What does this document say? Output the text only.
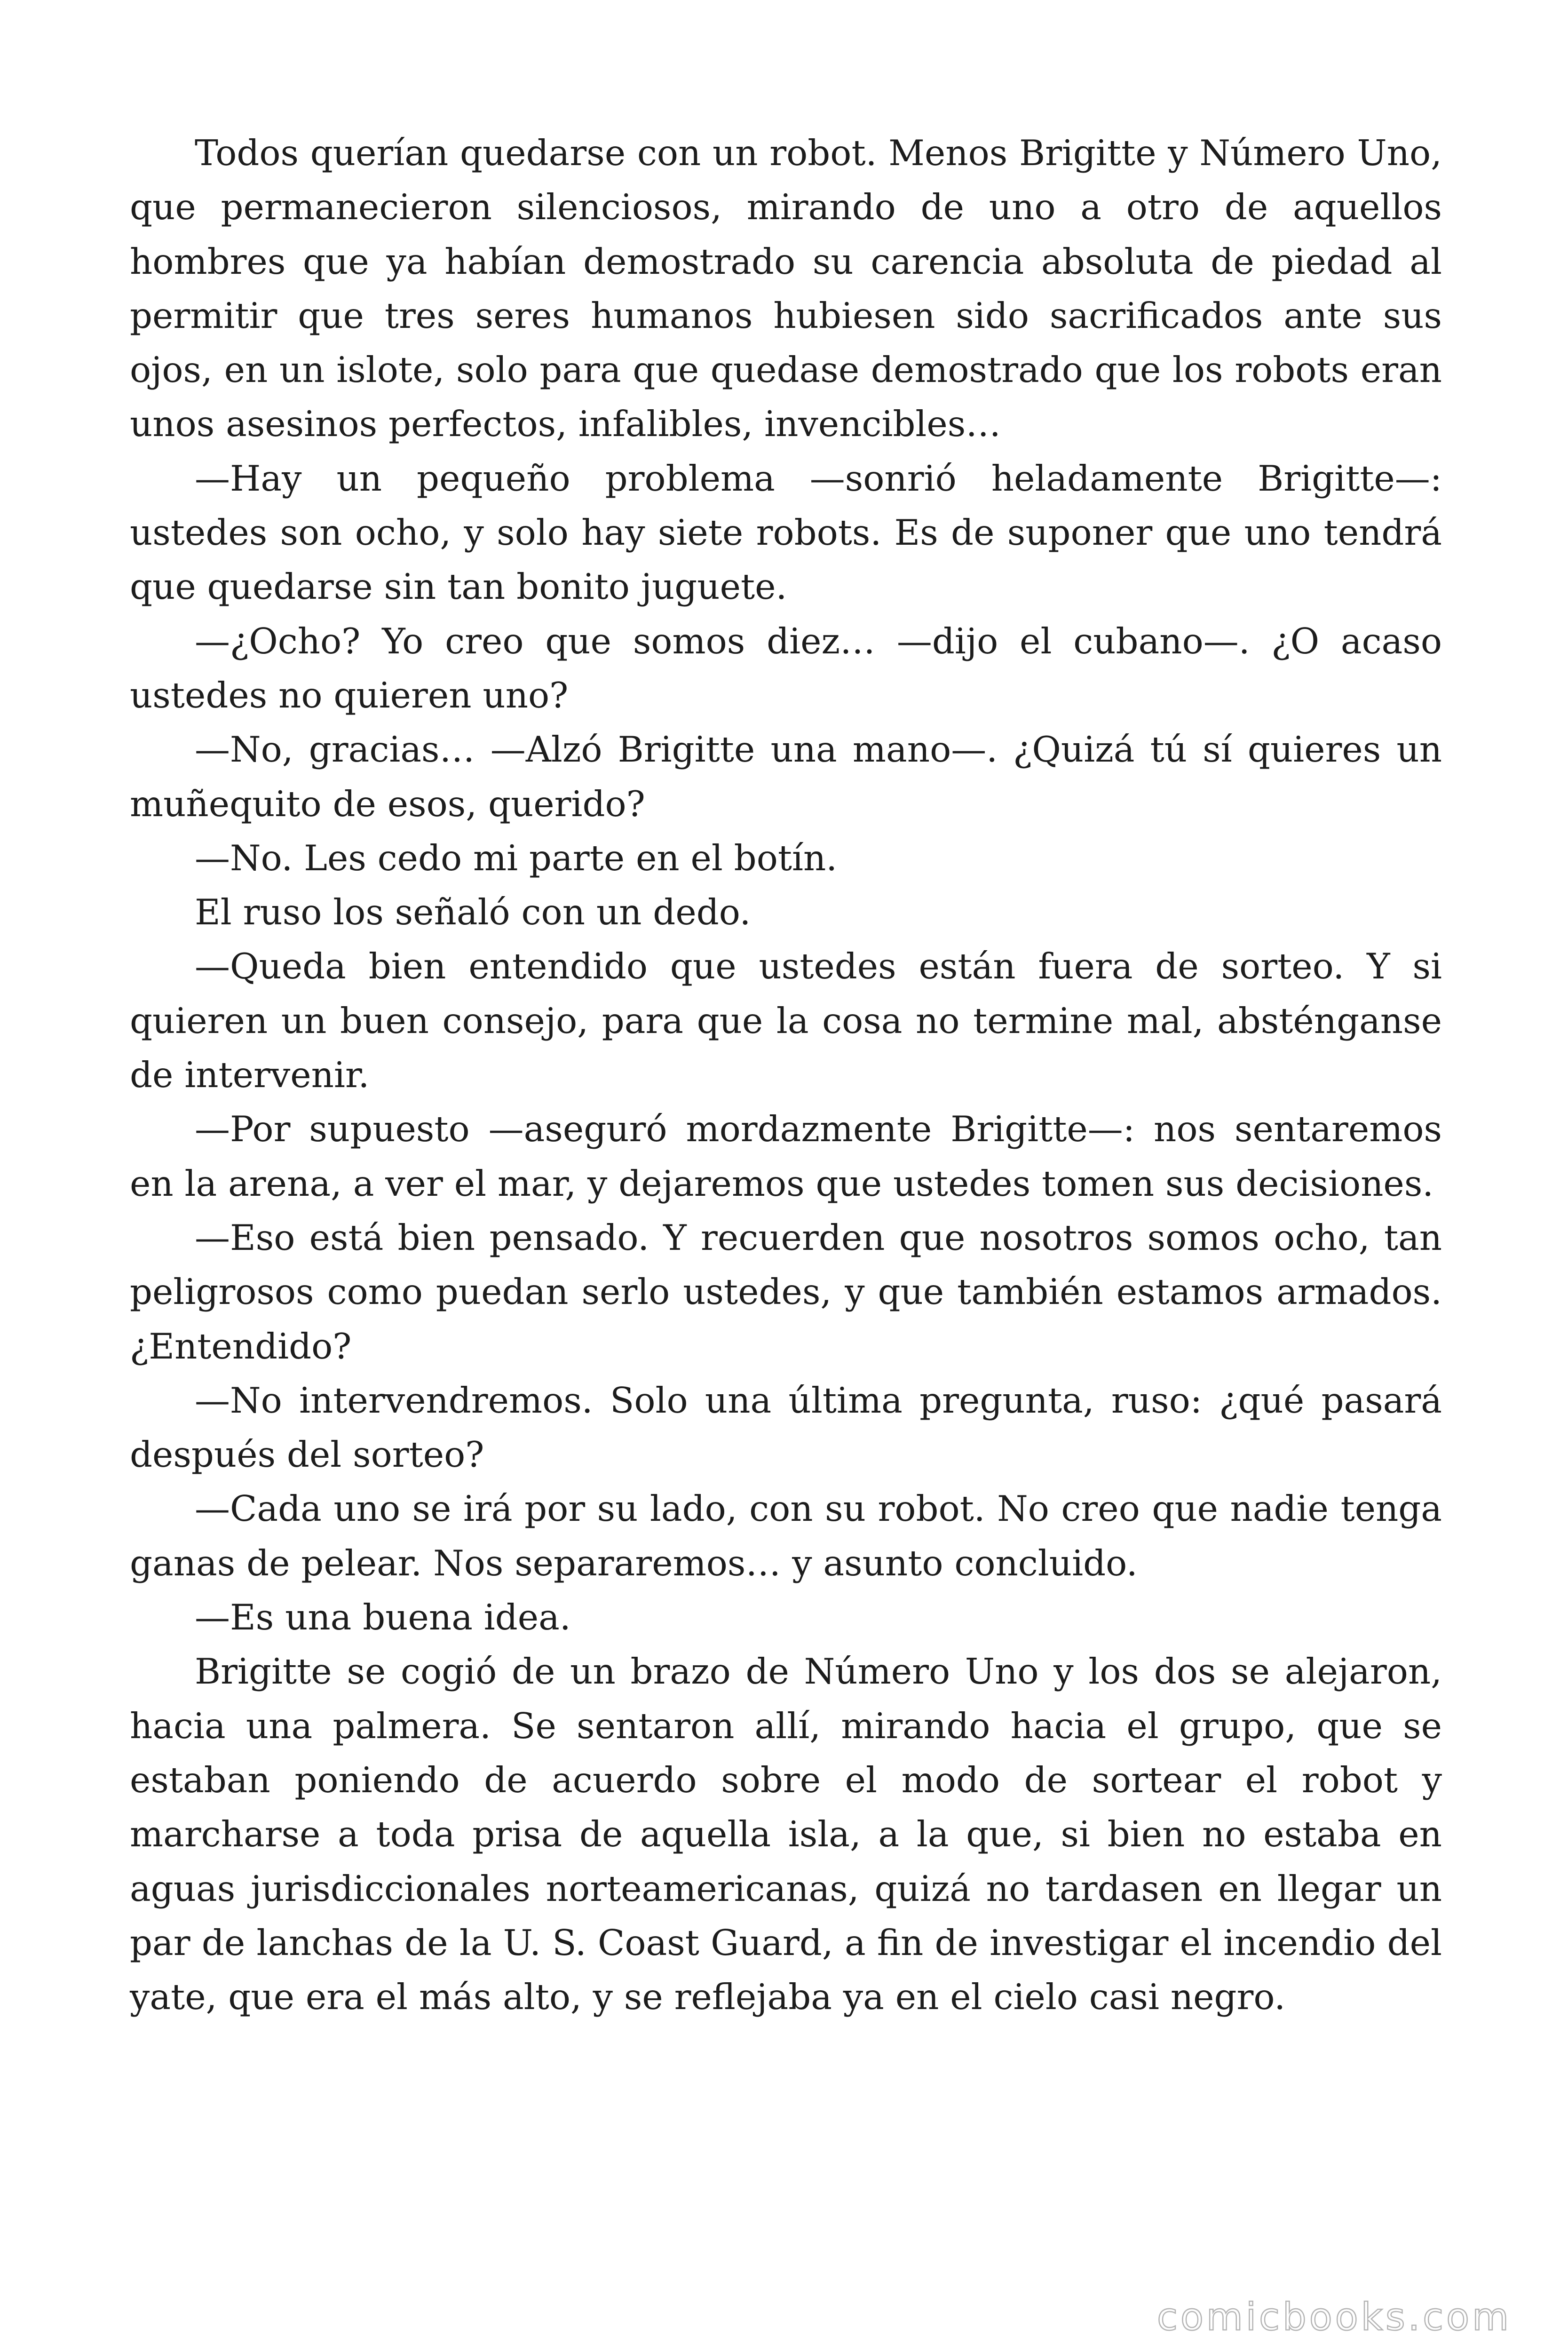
Todos querían quedarse con un robot. Menos Brigitte y Número Uno, que permanecieron silenciosos, mirando de uno a otro de aquellos hombres que ya habían demostrado su carencia absoluta de piedad al permitir que tres seres humanos hubiesen sido sacrificados ante sus ojos, en un islote, solo para que quedase demostrado que los robots eran unos asesinos perfectos, infalibles, invencibles…

—Hay un pequeño problema —sonrió heladamente Brigitte—: ustedes son ocho, y solo hay siete robots. Es de suponer que uno tendrá que quedarse sin tan bonito juguete.

—¿Ocho? Yo creo que somos diez… —dijo el cubano—. ¿O acaso ustedes no quieren uno?

—No, gracias… —Alzó Brigitte una mano—. ¿Quizá tú sí quieres un muñequito de esos, querido?

—No. Les cedo mi parte en el botín.

El ruso los señaló con un dedo.

—Queda bien entendido que ustedes están fuera de sorteo. Y si quieren un buen consejo, para que la cosa no termine mal, absténganse de intervenir.

—Por supuesto —aseguró mordazmente Brigitte—: nos sentaremos en la arena, a ver el mar, y dejaremos que ustedes tomen sus decisiones.

—Eso está bien pensado. Y recuerden que nosotros somos ocho, tan peligrosos como puedan serlo ustedes, y que también estamos armados. ¿Entendido?

—No intervendremos. Solo una última pregunta, ruso: ¿qué pasará después del sorteo?

—Cada uno se irá por su lado, con su robot. No creo que nadie tenga ganas de pelear. Nos separaremos… y asunto concluido.

—Es una buena idea.

Brigitte se cogió de un brazo de Número Uno y los dos se alejaron, hacia una palmera. Se sentaron allí, mirando hacia el grupo, que se estaban poniendo de acuerdo sobre el modo de sortear el robot y marcharse a toda prisa de aquella isla, a la que, si bien no estaba en aguas jurisdiccionales norteamericanas, quizá no tardasen en llegar un par de lanchas de la U. S. Coast Guard, a fin de investigar el incendio del yate, que era el más alto, y se reflejaba ya en el cielo casi negro.

comicbooks.com
